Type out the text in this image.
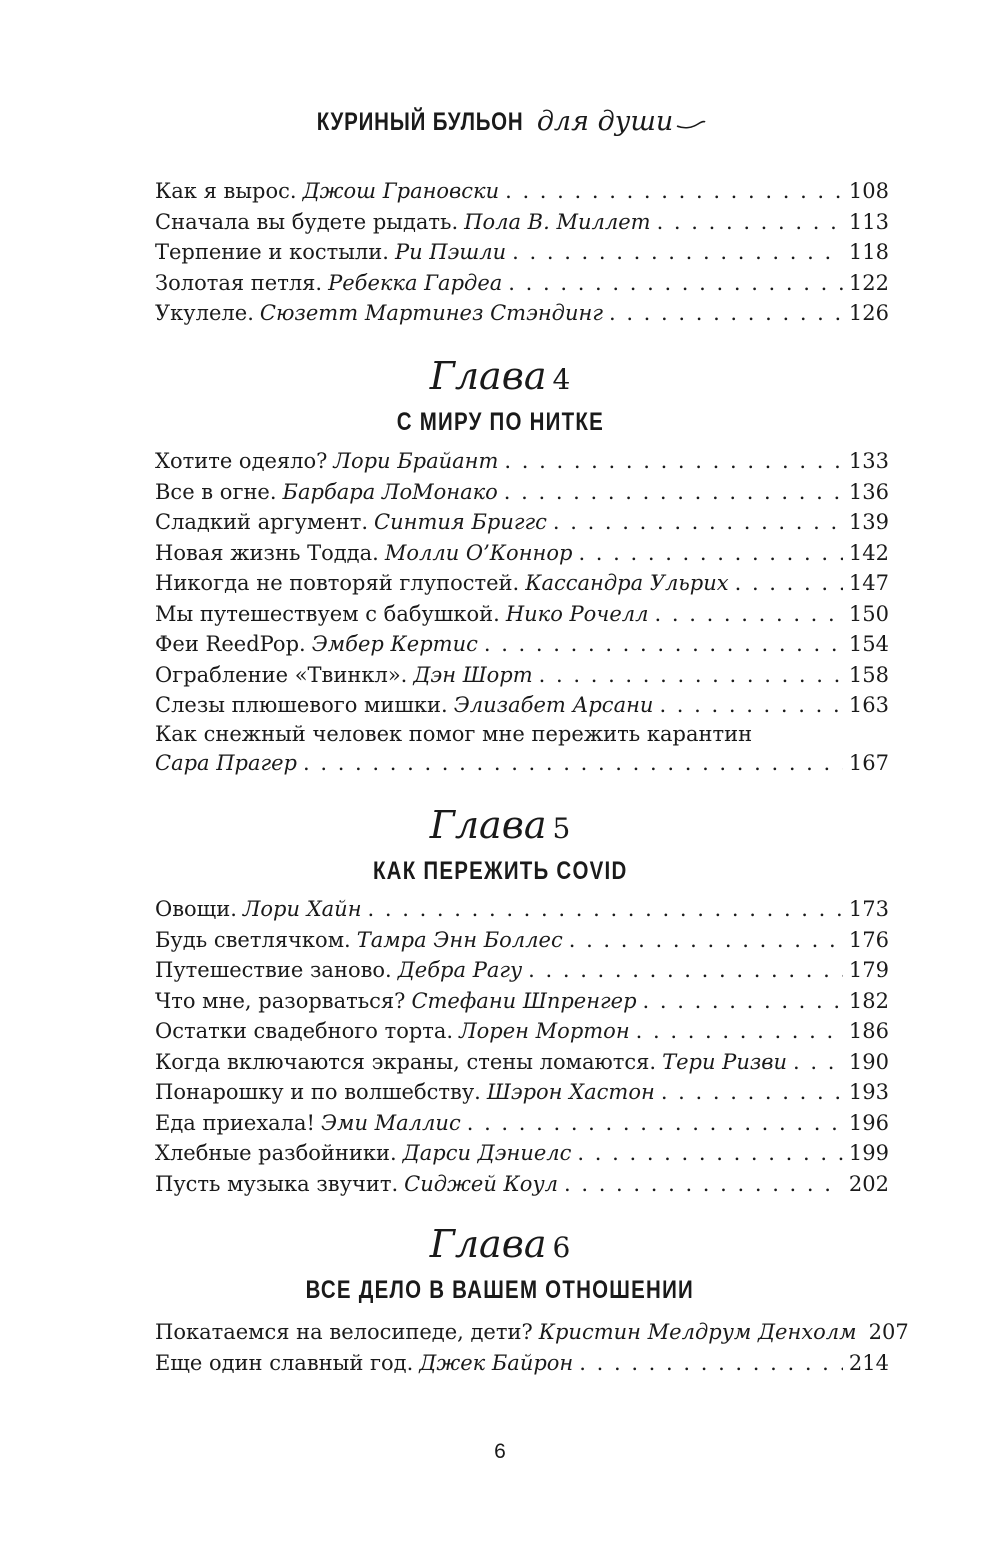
КУРИНЫЙ БУЛЬОН для души
Как я вырос. Джош Грановски . . .	108
Сначала вы будете рыдать. Пола В. Миллет . . .	113
Терпение и костыли. Ри Пэшли . . .	118
Золотая петля. Ребекка Гардеа . . .	122
Укулеле. Сюзетт Мартинез Стэндинг . . .	126
Глава 4
С МИРУ ПО НИТКЕ
Хотите одеяло? Лори Брайант . . .	133
Все в огне. Барбара ЛоМонако . . .	136
Сладкий аргумент. Синтия Бриггс . . .	139
Новая жизнь Тодда. Молли О’Коннор . . .	142
Никогда не повторяй глупостей. Кассандра Ульрих . . .	147
Мы путешествуем с бабушкой. Нико Рочелл . . .	150
Феи ReedPop. Эмбер Кертис . . .	154
Ограбление «Твинкл». Дэн Шорт . . .	158
Слезы плюшевого мишки. Элизабет Арсани . . .	163
Как снежный человек помог мне пережить карантин
Сара Прагер . . .	167
Глава 5
КАК ПЕРЕЖИТЬ COVID
Овощи. Лори Хайн . . .	173
Будь светлячком. Тамра Энн Боллес . . .	176
Путешествие заново. Дебра Рагу . . .	179
Что мне, разорваться? Стефани Шпренгер . . .	182
Остатки свадебного торта. Лорен Мортон . . .	186
Когда включаются экраны, стены ломаются. Тери Ризви . . .	190
Понарошку и по волшебству. Шэрон Хастон . . .	193
Еда приехала! Эми Маллис . . .	196
Хлебные разбойники. Дарси Дэниелс . . .	199
Пусть музыка звучит. Сиджей Коул . . .	202
Глава 6
ВСЕ ДЕЛО В ВАШЕМ ОТНОШЕНИИ
Покатаемся на велосипеде, дети? Кристин Мелдрум Денхолм 207
Еще один славный год. Джек Байрон . . .	214
6
